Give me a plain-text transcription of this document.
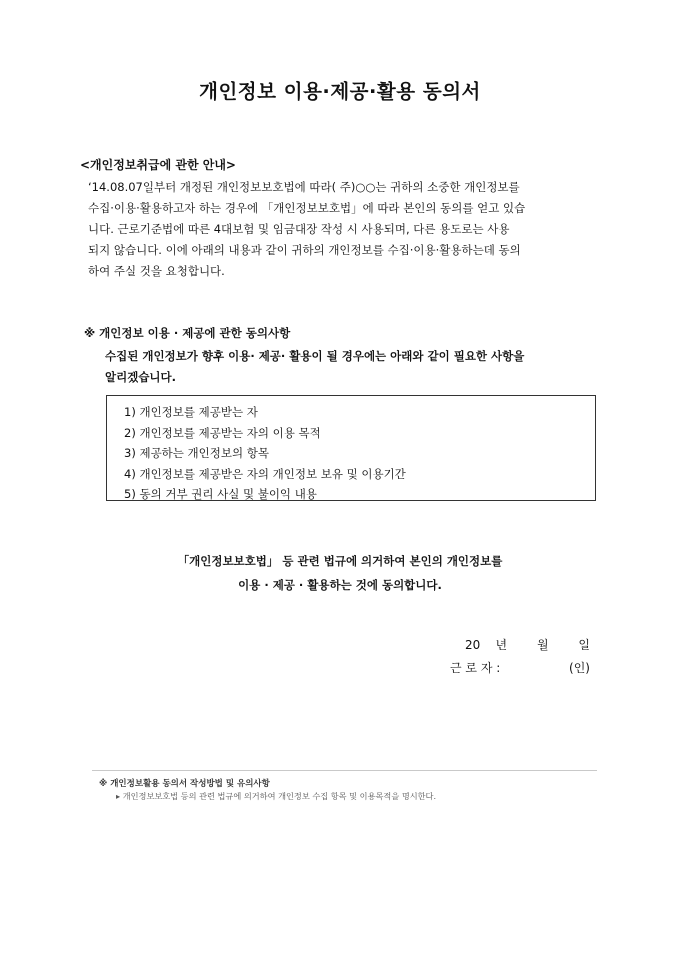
개인정보 이용·제공·활용 동의서
<개인정보취급에 관한 안내>

‘14.08.07일부터 개정된 개인정보보호법에 따라( 주)○○는 귀하의 소중한 개인정보를

수집·이용·활용하고자 하는 경우에 「개인정보보호법」에 따라 본인의 동의를 얻고 있습

니다. 근로기준법에 따른 4대보험 및 임금대장 작성 시 사용되며, 다른 용도로는 사용

되지 않습니다. 이에 아래의 내용과 같이 귀하의 개인정보를 수집·이용·활용하는데 동의

하여 주실 것을 요청합니다.

※ 개인정보 이용 · 제공에 관한 동의사항
수집된 개인정보가 향후 이용· 제공· 활용이 될 경우에는 아래와 같이 필요한 사항을
알리겠습니다.
1) 개인정보를 제공받는 자
2) 개인정보를 제공받는 자의 이용 목적
3) 제공하는 개인정보의 항목
4) 개인정보를 제공받은 자의 개인정보 보유 및 이용기간
5) 동의 거부 권리 사실 및 불이익 내용

「개인정보보호법」 등 관련 법규에 의거하여 본인의 개인정보를

이용 · 제공 · 활용하는 것에 동의합니다.

20 년 월 일
근 로 자 :	(인)
※ 개인정보활용 동의서 작성방법 및 유의사항
▸ 개인정보보호법 등의 관련 법규에 의거하여 개인정보 수집 항목 및 이용목적을 명시한다.
